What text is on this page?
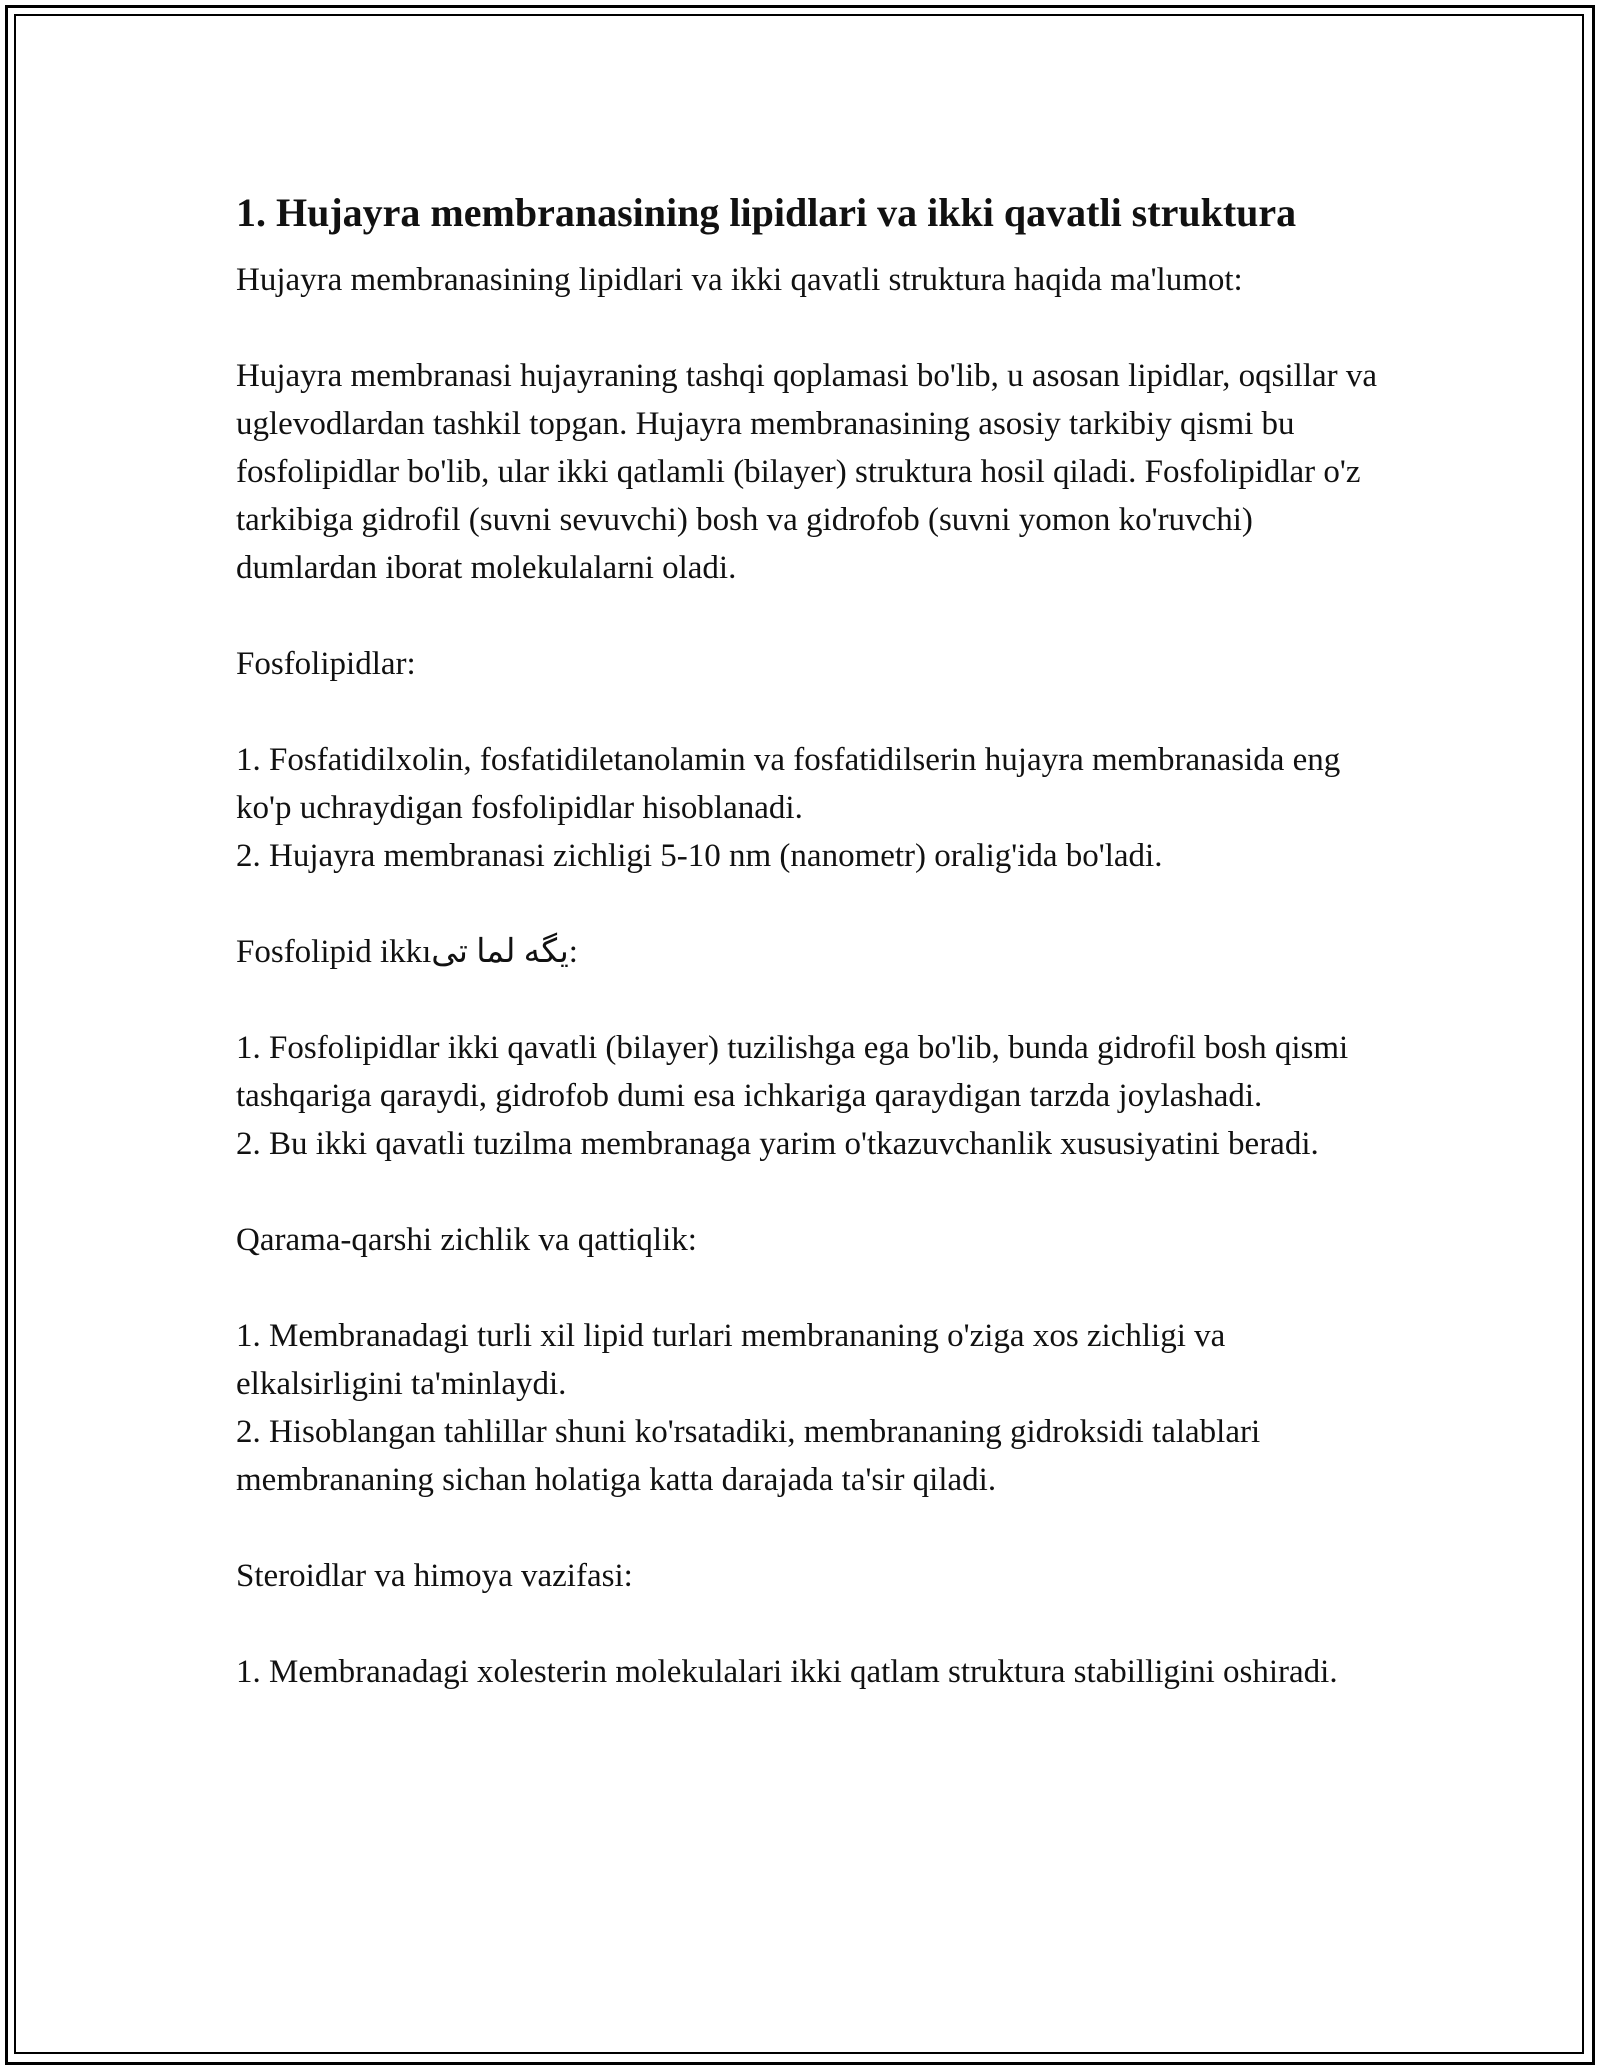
1. Hujayra membranasining lipidlari va ikki qavatli struktura

Hujayra membranasining lipidlari va ikki qavatli struktura haqida ma'lumot:

Hujayra membranasi hujayraning tashqi qoplamasi bo'lib, u asosan lipidlar, oqsillar va uglevodlardan tashkil topgan. Hujayra membranasining asosiy tarkibiy qismi bu fosfolipidlar bo'lib, ular ikki qatlamli (bilayer) struktura hosil qiladi. Fosfolipidlar o'z tarkibiga gidrofil (suvni sevuvchi) bosh va gidrofob (suvni yomon ko'ruvchi) dumlardan iborat molekulalarni oladi.

Fosfolipidlar:

1. Fosfatidilxolin, fosfatidiletanolamin va fosfatidilserin hujayra membranasida eng ko'p uchraydigan fosfolipidlar hisoblanadi.
2. Hujayra membranasi zichligi 5-10 nm (nanometr) oralig'ida bo'ladi.

Fosfolipid ikkıیگه لما تی:

1. Fosfolipidlar ikki qavatli (bilayer) tuzilishga ega bo'lib, bunda gidrofil bosh qismi tashqariga qaraydi, gidrofob dumi esa ichkariga qaraydigan tarzda joylashadi.
2. Bu ikki qavatli tuzilma membranaga yarim o'tkazuvchanlik xususiyatini beradi.

Qarama-qarshi zichlik va qattiqlik:

1. Membranadagi turli xil lipid turlari membrananing o'ziga xos zichligi va elkalsirligini ta'minlaydi.
2. Hisoblangan tahlillar shuni ko'rsatadiki, membrananing gidroksidi talablari membrananing sichan holatiga katta darajada ta'sir qiladi.

Steroidlar va himoya vazifasi:

1. Membranadagi xolesterin molekulalari ikki qatlam struktura stabilligini oshiradi.
